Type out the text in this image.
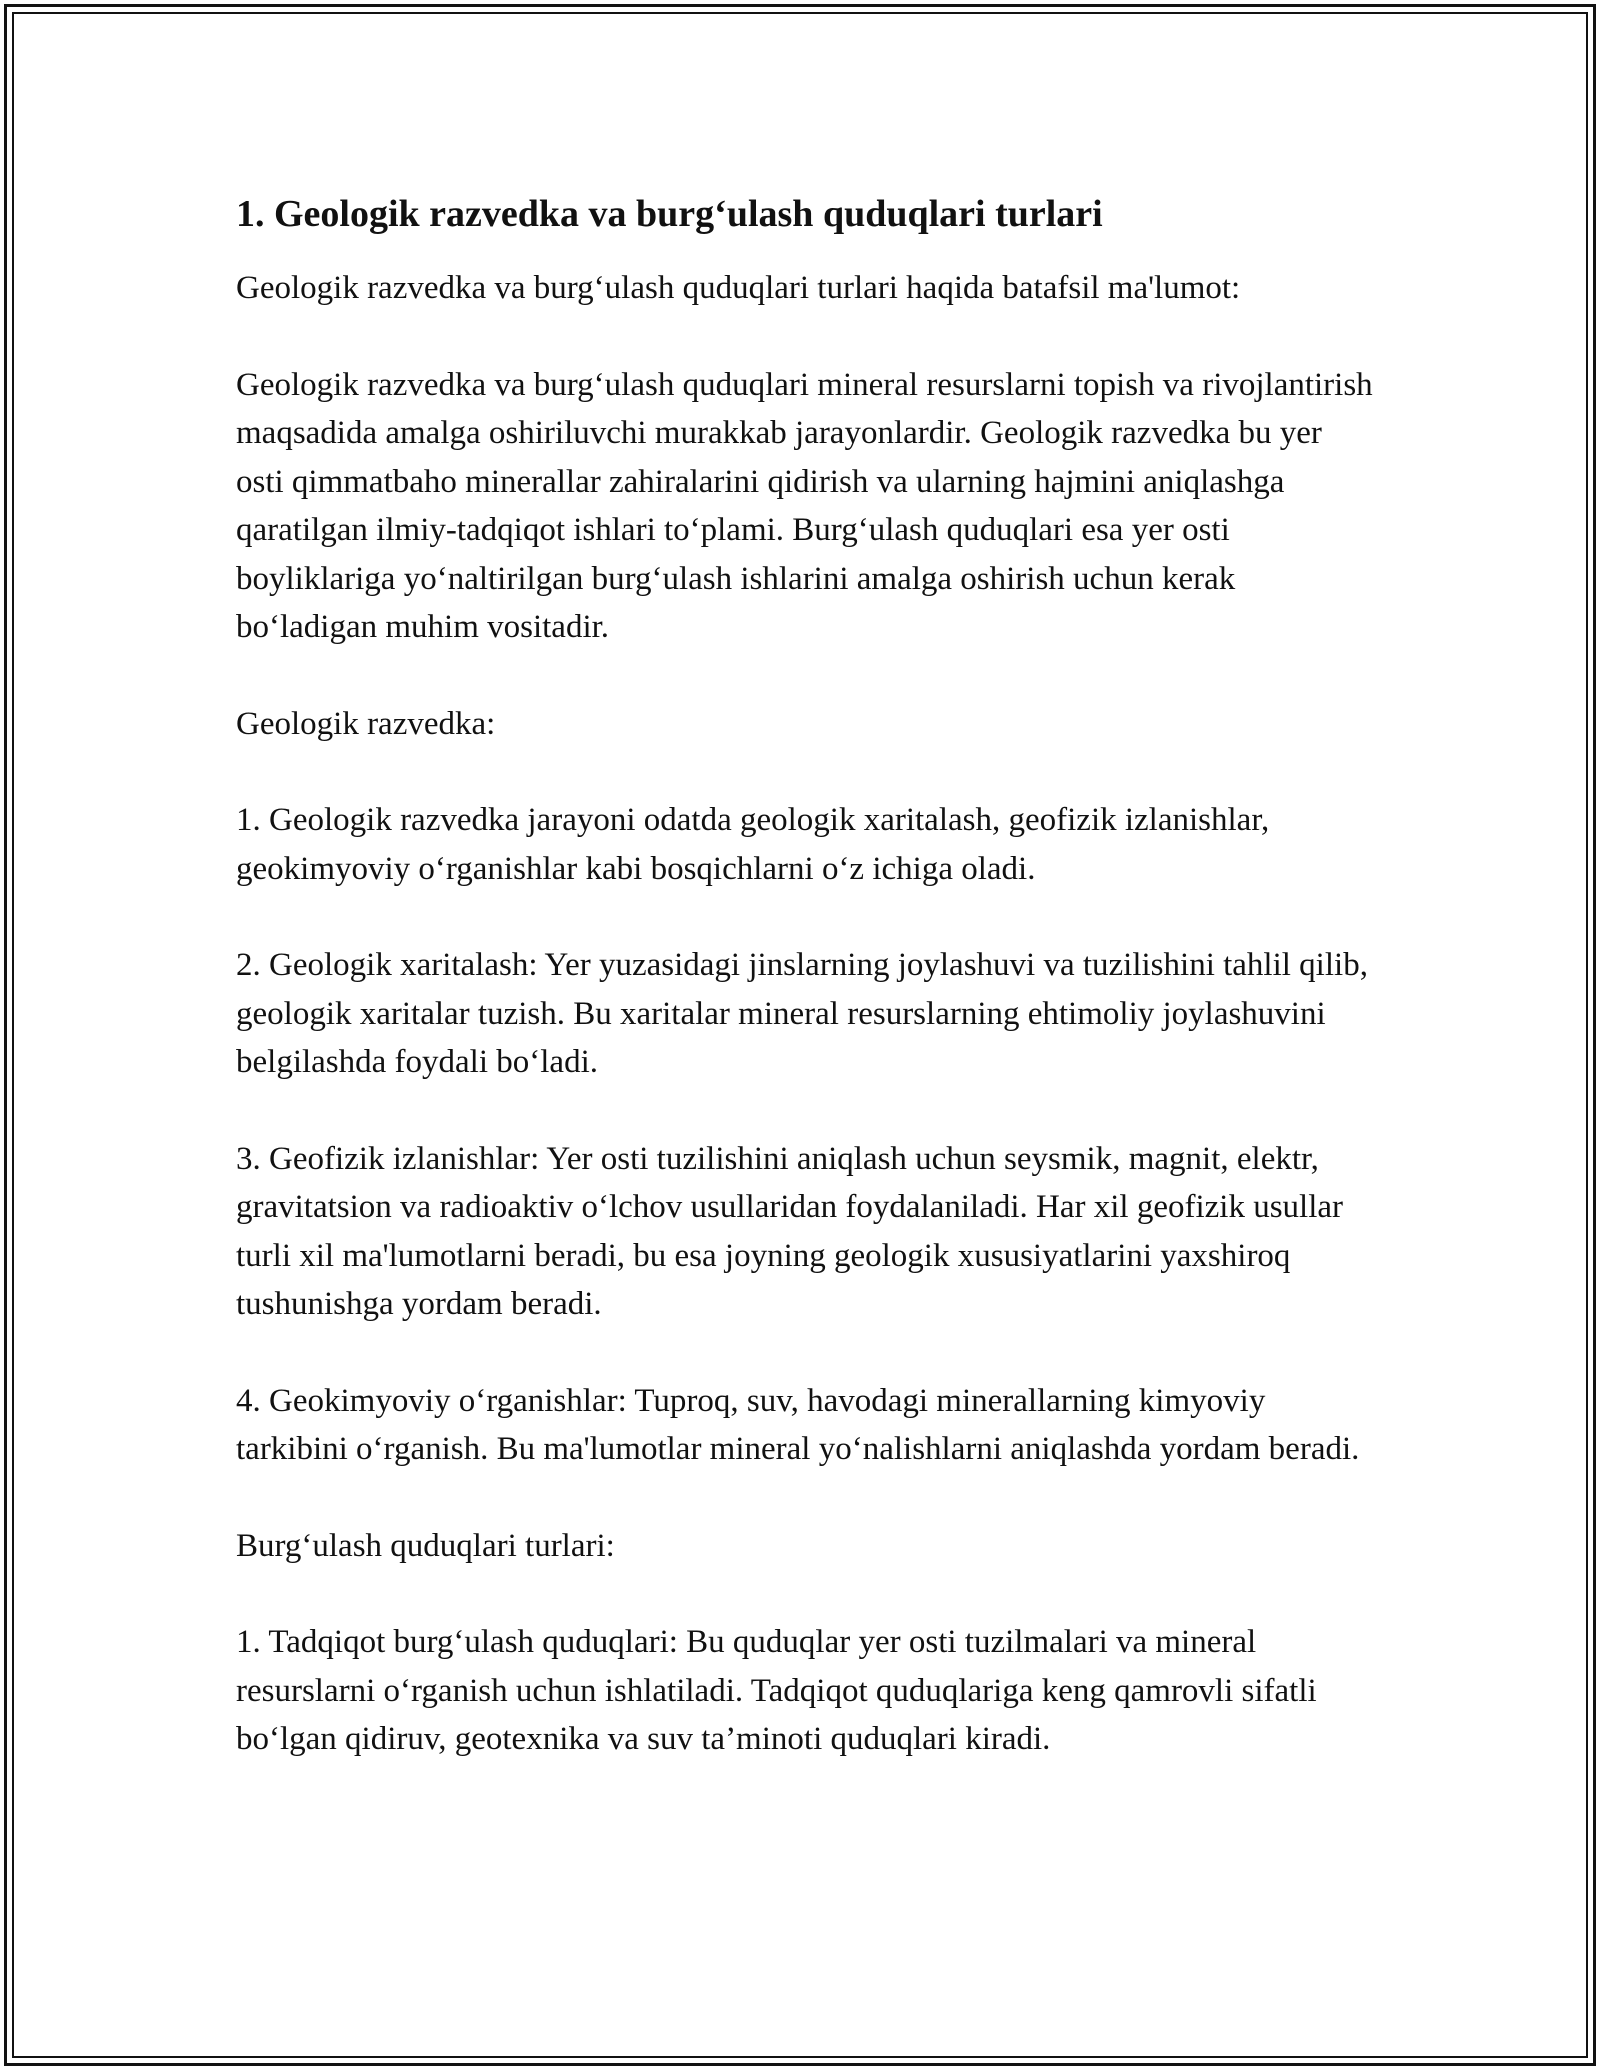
1. Geologik razvedka va burg‘ulash quduqlari turlari

Geologik razvedka va burg‘ulash quduqlari turlari haqida batafsil ma'lumot:

Geologik razvedka va burg‘ulash quduqlari mineral resurslarni topish va rivojlantirish maqsadida amalga oshiriluvchi murakkab jarayonlardir. Geologik razvedka bu yer osti qimmatbaho minerallar zahiralarini qidirish va ularning hajmini aniqlashga qaratilgan ilmiy-tadqiqot ishlari to‘plami. Burg‘ulash quduqlari esa yer osti boyliklariga yo‘naltirilgan burg‘ulash ishlarini amalga oshirish uchun kerak bo‘ladigan muhim vositadir.

Geologik razvedka:

1. Geologik razvedka jarayoni odatda geologik xaritalash, geofizik izlanishlar, geokimyoviy o‘rganishlar kabi bosqichlarni o‘z ichiga oladi.

2. Geologik xaritalash: Yer yuzasidagi jinslarning joylashuvi va tuzilishini tahlil qilib, geologik xaritalar tuzish. Bu xaritalar mineral resurslarning ehtimoliy joylashuvini belgilashda foydali bo‘ladi.

3. Geofizik izlanishlar: Yer osti tuzilishini aniqlash uchun seysmik, magnit, elektr, gravitatsion va radioaktiv o‘lchov usullaridan foydalaniladi. Har xil geofizik usullar turli xil ma'lumotlarni beradi, bu esa joyning geologik xususiyatlarini yaxshiroq tushunishga yordam beradi.

4. Geokimyoviy o‘rganishlar: Tuproq, suv, havodagi minerallarning kimyoviy tarkibini o‘rganish. Bu ma'lumotlar mineral yo‘nalishlarni aniqlashda yordam beradi.

Burg‘ulash quduqlari turlari:

1. Tadqiqot burg‘ulash quduqlari: Bu quduqlar yer osti tuzilmalari va mineral resurslarni o‘rganish uchun ishlatiladi. Tadqiqot quduqlariga keng qamrovli sifatli bo‘lgan qidiruv, geotexnika va suv ta’minoti quduqlari kiradi.
